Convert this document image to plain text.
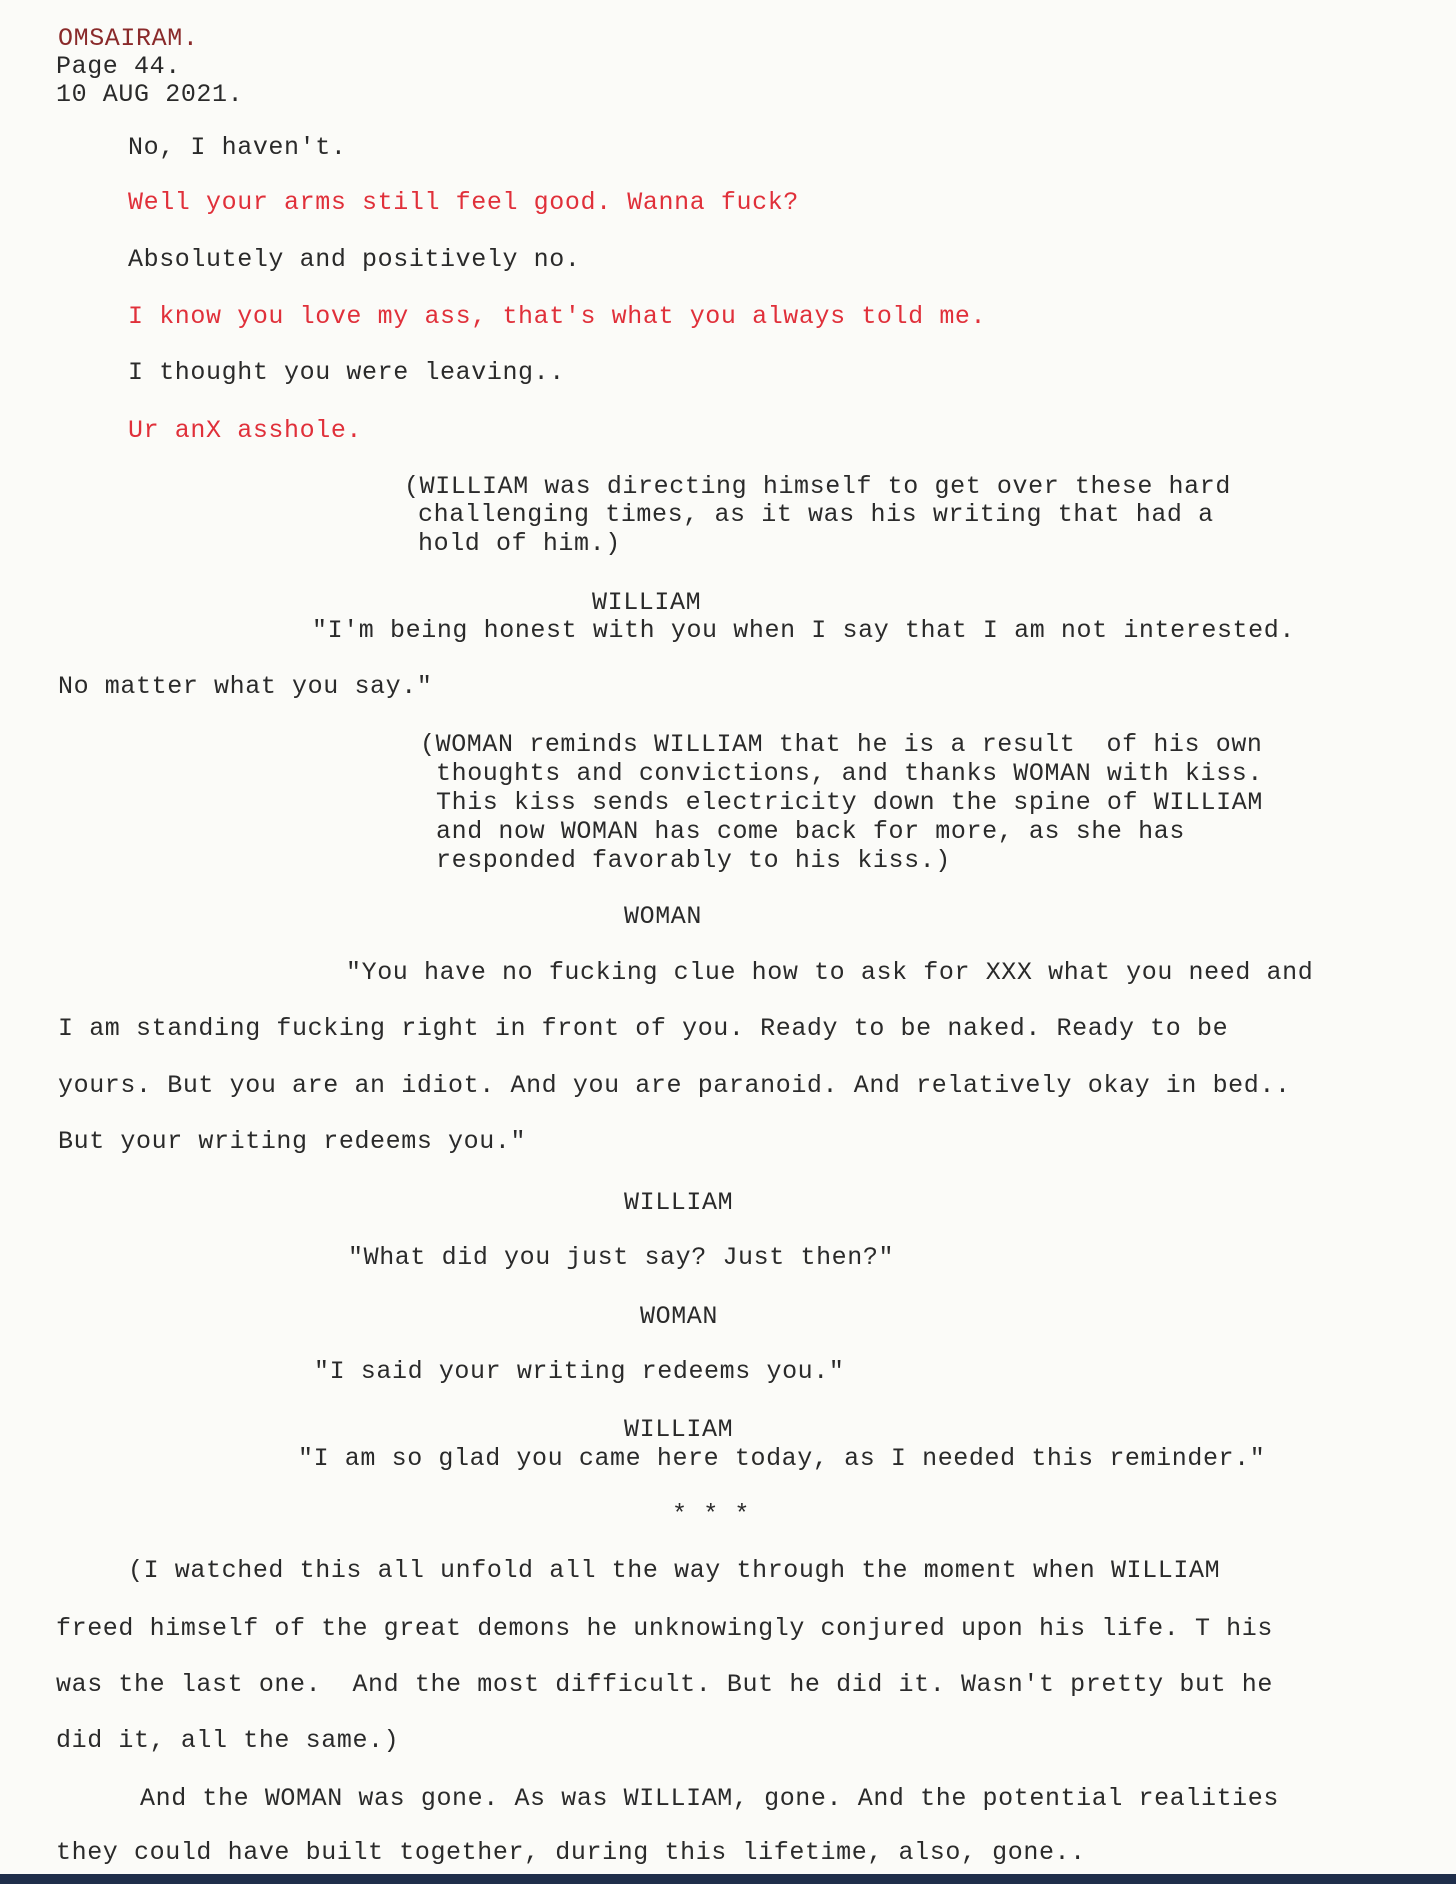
OMSAIRAM.
Page 44.
10 AUG 2021.
No, I haven't.
Well your arms still feel good. Wanna fuck?
Absolutely and positively no.
I know you love my ass, that's what you always told me.
I thought you were leaving..
Ur anX asshole.
(WILLIAM was directing himself to get over these hard
challenging times, as it was his writing that had a
hold of him.)
WILLIAM
"I'm being honest with you when I say that I am not interested.
No matter what you say."
(WOMAN reminds WILLIAM that he is a result  of his own
thoughts and convictions, and thanks WOMAN with kiss.
This kiss sends electricity down the spine of WILLIAM
and now WOMAN has come back for more, as she has
responded favorably to his kiss.)
WOMAN
"You have no fucking clue how to ask for XXX what you need and
I am standing fucking right in front of you. Ready to be naked. Ready to be
yours. But you are an idiot. And you are paranoid. And relatively okay in bed..
But your writing redeems you."
WILLIAM
"What did you just say? Just then?"
WOMAN
"I said your writing redeems you."
WILLIAM
"I am so glad you came here today, as I needed this reminder."
* * *
(I watched this all unfold all the way through the moment when WILLIAM
freed himself of the great demons he unknowingly conjured upon his life. T his
was the last one.  And the most difficult. But he did it. Wasn't pretty but he
did it, all the same.)
And the WOMAN was gone. As was WILLIAM, gone. And the potential realities
they could have built together, during this lifetime, also, gone..
